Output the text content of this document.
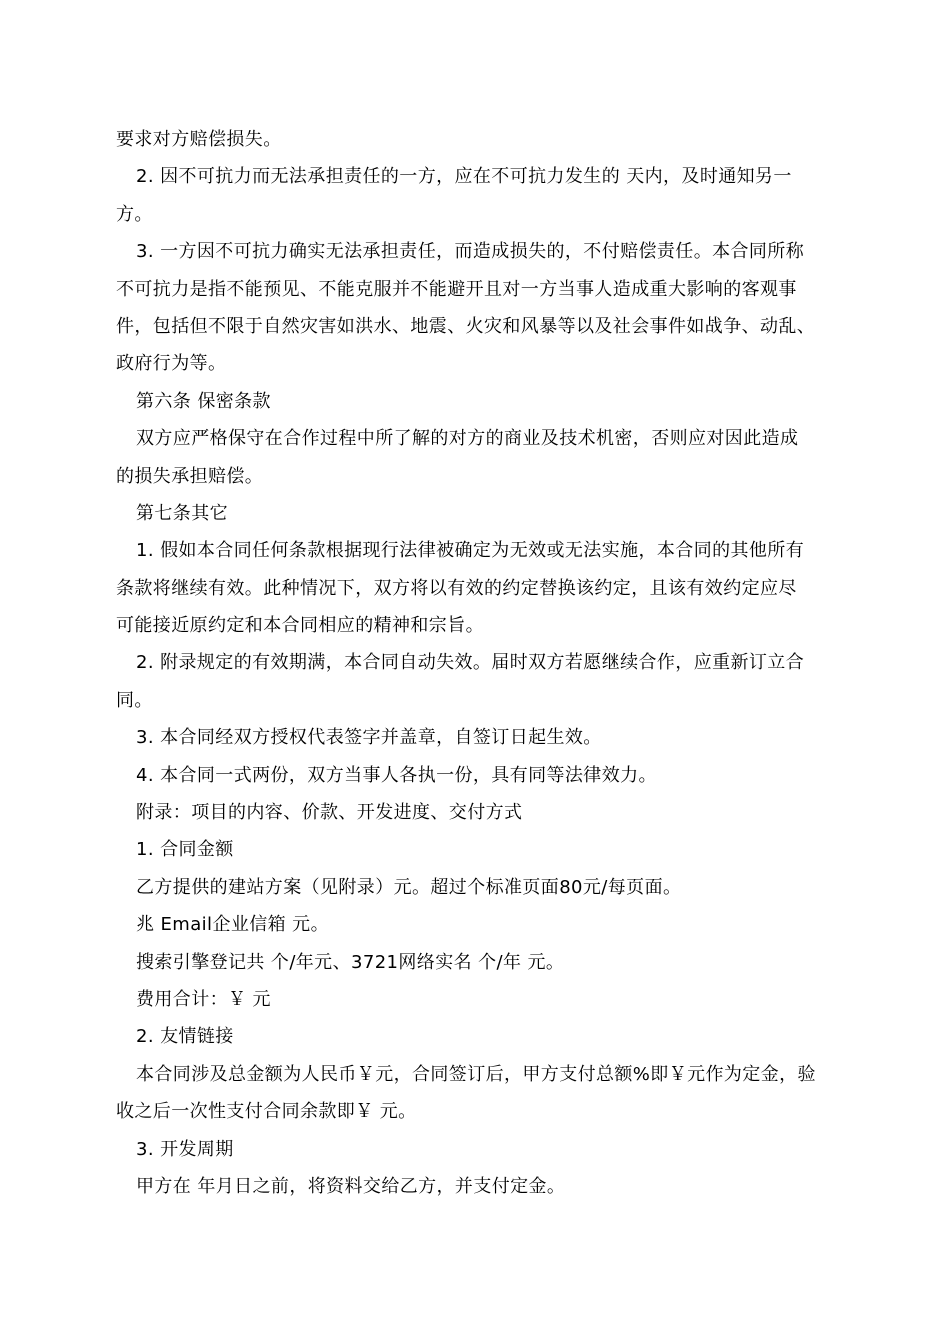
要求对方赔偿损失。
2. 因不可抗力而无法承担责任的一方，应在不可抗力发生的 天内，及时通知另一
方。
3. 一方因不可抗力确实无法承担责任，而造成损失的，不付赔偿责任。本合同所称
不可抗力是指不能预见、不能克服并不能避开且对一方当事人造成重大影响的客观事
件，包括但不限于自然灾害如洪水、地震、火灾和风暴等以及社会事件如战争、动乱、
政府行为等。
第六条 保密条款
双方应严格保守在合作过程中所了解的对方的商业及技术机密，否则应对因此造成
的损失承担赔偿。
第七条其它
1. 假如本合同任何条款根据现行法律被确定为无效或无法实施，本合同的其他所有
条款将继续有效。此种情况下，双方将以有效的约定替换该约定，且该有效约定应尽
可能接近原约定和本合同相应的精神和宗旨。
2. 附录规定的有效期满，本合同自动失效。届时双方若愿继续合作，应重新订立合
同。
3. 本合同经双方授权代表签字并盖章，自签订日起生效。
4. 本合同一式两份，双方当事人各执一份，具有同等法律效力。
附录：项目的内容、价款、开发进度、交付方式
1. 合同金额
乙方提供的建站方案（见附录）元。超过个标准页面80元/每页面。
兆 Email企业信箱 元。
搜索引擎登记共 个/年元、3721网络实名 个/年 元。
费用合计：￥ 元
2. 友情链接
本合同涉及总金额为人民币￥元，合同签订后，甲方支付总额%即￥元作为定金，验
收之后一次性支付合同余款即￥ 元。
3. 开发周期
甲方在 年月日之前，将资料交给乙方，并支付定金。
